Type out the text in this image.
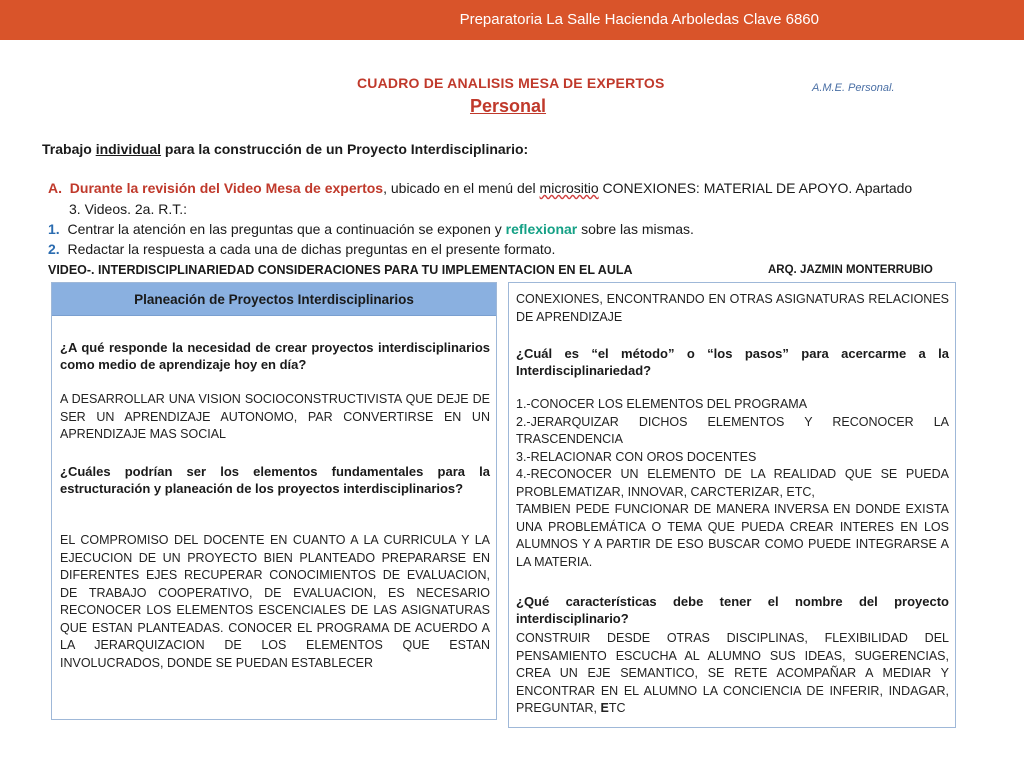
Preparatoria La Salle Hacienda Arboledas Clave 6860
CUADRO DE ANALISIS MESA DE EXPERTOS
Personal
A.M.E. Personal.
Trabajo individual para la construcción de un Proyecto Interdisciplinario:
A. Durante la revisión del Video Mesa de expertos, ubicado en el menú del micrositio CONEXIONES: MATERIAL DE APOYO. Apartado
3. Videos. 2a. R.T.:
1. Centrar la atención en las preguntas que a continuación se exponen y reflexionar sobre las mismas.
2. Redactar la respuesta a cada una de dichas preguntas en el presente formato.
VIDEO-. INTERDISCIPLINARIEDAD CONSIDERACIONES PARA TU IMPLEMENTACION EN EL AULA	ARQ. JAZMIN MONTERRUBIO
Planeación de Proyectos Interdisciplinarios
¿A qué responde la necesidad de crear proyectos interdisciplinarios como medio de aprendizaje hoy en día?
A DESARROLLAR UNA VISION SOCIOCONSTRUCTIVISTA QUE DEJE DE SER UN APRENDIZAJE AUTONOMO, PAR CONVERTIRSE EN UN APRENDIZAJE MAS SOCIAL
¿Cuáles podrían ser los elementos fundamentales para la estructuración y planeación de los proyectos interdisciplinarios?
EL COMPROMISO DEL DOCENTE EN CUANTO A LA CURRICULA Y LA EJECUCION DE UN PROYECTO BIEN PLANTEADO PREPARARSE EN DIFERENTES EJES RECUPERAR CONOCIMIENTOS DE EVALUACION, DE TRABAJO COOPERATIVO, DE EVALUACION, ES NECESARIO RECONOCER LOS ELEMENTOS ESCENCIALES DE LAS ASIGNATURAS QUE ESTAN PLANTEADAS. CONOCER EL PROGRAMA DE ACUERDO A LA JERARQUIZACION DE LOS ELEMENTOS QUE ESTAN INVOLUCRADOS, DONDE SE PUEDAN ESTABLECER
CONEXIONES, ENCONTRANDO EN OTRAS ASIGNATURAS RELACIONES DE APRENDIZAJE
¿Cuál es “el método” o “los pasos” para acercarme a la Interdisciplinariedad?
1.-CONOCER LOS ELEMENTOS DEL PROGRAMA
2.-JERARQUIZAR DICHOS ELEMENTOS Y RECONOCER LA TRASCENDENCIA
3.-RELACIONAR CON OROS DOCENTES
4.-RECONOCER UN ELEMENTO DE LA REALIDAD QUE SE PUEDA PROBLEMATIZAR, INNOVAR, CARCTERIZAR, ETC,
TAMBIEN PEDE FUNCIONAR DE MANERA INVERSA EN DONDE EXISTA UNA PROBLEMÁTICA O TEMA QUE PUEDA CREAR INTERES EN LOS ALUMNOS Y A PARTIR DE ESO BUSCAR COMO PUEDE INTEGRARSE A LA MATERIA.
¿Qué características debe tener el nombre del proyecto interdisciplinario?
CONSTRUIR DESDE OTRAS DISCIPLINAS, FLEXIBILIDAD DEL PENSAMIENTO ESCUCHA AL ALUMNO SUS IDEAS, SUGERENCIAS, CREA UN EJE SEMANTICO, SE RETE ACOMPAÑAR A MEDIAR Y ENCONTRAR EN EL ALUMNO LA CONCIENCIA DE INFERIR, INDAGAR, PREGUNTAR, ETC
